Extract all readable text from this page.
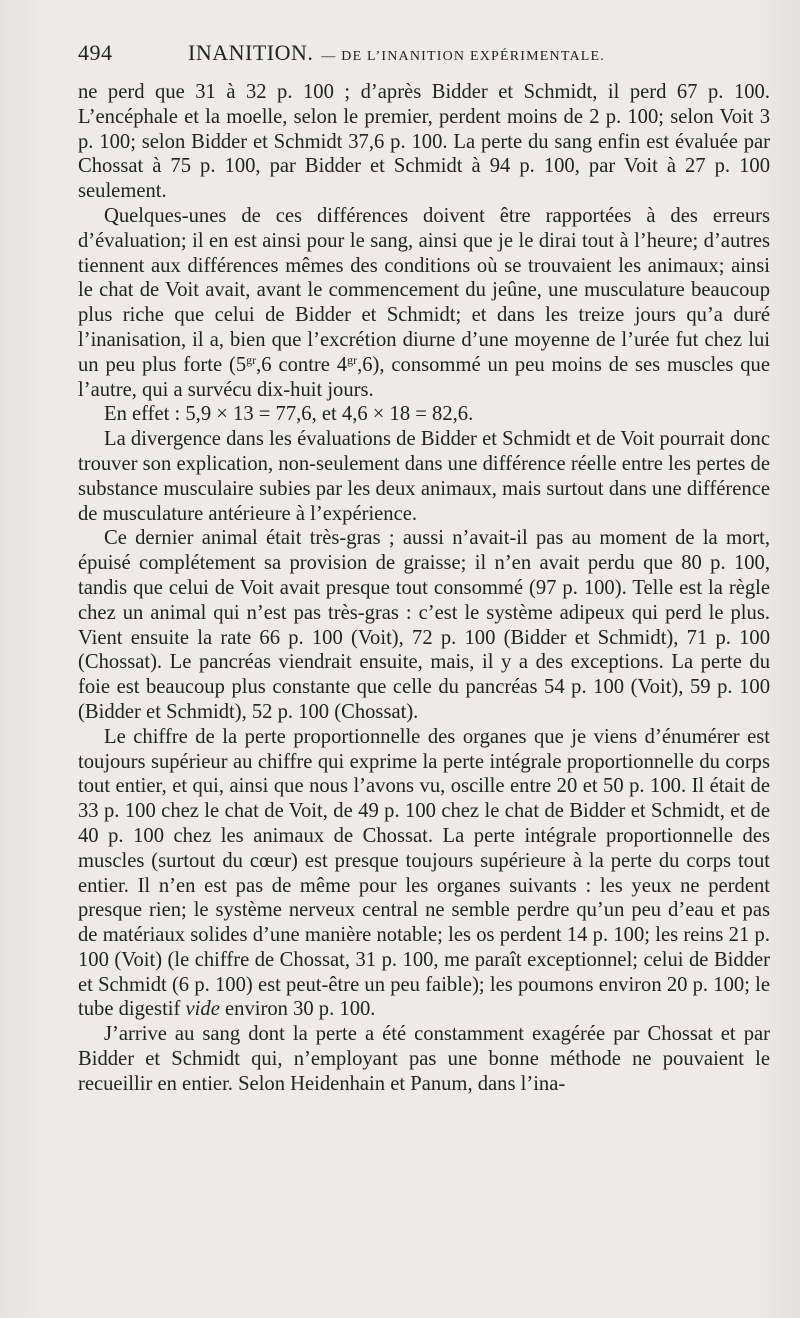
494	INANITION. — DE L’INANITION EXPÉRIMENTALE.

ne perd que 31 à 32 p. 100 ; d’après Bidder et Schmidt, il perd 67 p. 100. L’encéphale et la moelle, selon le premier, perdent moins de 2 p. 100; selon Voit 3 p. 100; selon Bidder et Schmidt 37,6 p. 100. La perte du sang enfin est évaluée par Chossat à 75 p. 100, par Bidder et Schmidt à 94 p. 100, par Voit à 27 p. 100 seulement.

Quelques-unes de ces différences doivent être rapportées à des erreurs d’évaluation; il en est ainsi pour le sang, ainsi que je le dirai tout à l’heure; d’autres tiennent aux différences mêmes des conditions où se trouvaient les animaux; ainsi le chat de Voit avait, avant le commencement du jeûne, une musculature beaucoup plus riche que celui de Bidder et Schmidt; et dans les treize jours qu’a duré l’inanisation, il a, bien que l’excrétion diurne d’une moyenne de l’urée fut chez lui un peu plus forte ($5^{gr},6$ contre $4^{gr},6$), consommé un peu moins de ses muscles que l’autre, qui a survécu dix-huit jours.

En effet : 5,9 × 13 = 77,6, et 4,6 × 18 = 82,6.

La divergence dans les évaluations de Bidder et Schmidt et de Voit pourrait donc trouver son explication, non-seulement dans une différence réelle entre les pertes de substance musculaire subies par les deux animaux, mais surtout dans une différence de musculature antérieure à l’expérience.

Ce dernier animal était très-gras ; aussi n’avait-il pas au moment de la mort, épuisé complétement sa provision de graisse; il n’en avait perdu que 80 p. 100, tandis que celui de Voit avait presque tout consommé (97 p. 100). Telle est la règle chez un animal qui n’est pas très-gras : c’est le système adipeux qui perd le plus. Vient ensuite la rate 66 p. 100 (Voit), 72 p. 100 (Bidder et Schmidt), 71 p. 100 (Chossat). Le pancréas viendrait ensuite, mais, il y a des exceptions. La perte du foie est beaucoup plus constante que celle du pancréas 54 p. 100 (Voit), 59 p. 100 (Bidder et Schmidt), 52 p. 100 (Chossat).

Le chiffre de la perte proportionnelle des organes que je viens d’énumérer est toujours supérieur au chiffre qui exprime la perte intégrale proportionnelle du corps tout entier, et qui, ainsi que nous l’avons vu, oscille entre 20 et 50 p. 100. Il était de 33 p. 100 chez le chat de Voit, de 49 p. 100 chez le chat de Bidder et Schmidt, et de 40 p. 100 chez les animaux de Chossat. La perte intégrale proportionnelle des muscles (surtout du cœur) est presque toujours supérieure à la perte du corps tout entier. Il n’en est pas de même pour les organes suivants : les yeux ne perdent presque rien; le système nerveux central ne semble perdre qu’un peu d’eau et pas de matériaux solides d’une manière notable; les os perdent 14 p. 100; les reins 21 p. 100 (Voit) (le chiffre de Chossat, 31 p. 100, me paraît exceptionnel; celui de Bidder et Schmidt (6 p. 100) est peut-être un peu faible); les poumons environ 20 p. 100; le tube digestif vide environ 30 p. 100.

J’arrive au sang dont la perte a été constamment exagérée par Chossat et par Bidder et Schmidt qui, n’employant pas une bonne méthode ne pouvaient le recueillir en entier. Selon Heidenhain et Panum, dans l’ina-
